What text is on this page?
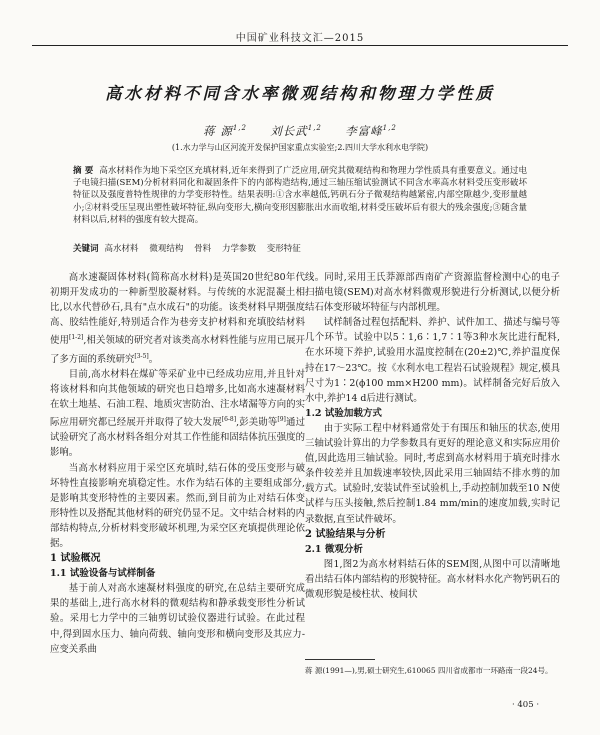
中国矿业科技文汇—2015
高水材料不同含水率微观结构和物理力学性质
蒋 源$^{1,2}$ 刘长武$^{1,2}$ 李富峰$^{1,2}$
(1.水力学与山区河流开发保护国家重点实验室;2.四川大学水利水电学院)
摘 要 高水材料作为地下采空区充填材料,近年来得到了广泛应用,研究其微观结构和物理力学性质具有重要意义。通过电子电镜扫描(SEM)分析材料同化和凝固条件下的内部构造结构,通过三轴压缩试验测试不同含水率高水材料受压变形破坏特征以及强度普特性规律的力学变形特性。结果表明:①含水率越低,钙矾石分子微观结构越紧密,内部空隙越少,变形量越小;②材料受压呈现出塑性破坏特征,纵向变形大,横向变形因膨胀出水而收缩,材料受压破坏后有很大的残余强度;③随含量材料以后,材料的强度有较大提高。
关键词 高水材料    微观结构    骨料    力学参数    变形特征

高水速凝固体材料(简称高水材料)是英国20世纪80年代初期开发成功的一种新型胶凝材料。与传统的水泥混凝土相比,以水代替砂石,具有"点水成石"的功能。该类材料早期强度高、胶结性能好,特别适合作为巷旁支护材料和充填胶结材料使用[1-2],相关领域的研究者对该类高水材料性能与应用已展开了多方面的系统研究[3-5]。

目前,高水材料在煤矿等采矿业中已经成功应用,并且针对将该材料和向其他领域的研究也日趋增多,比如高水速凝材料在软土地基、石油工程、地质灾害防治、注水堵漏等方向的实际应用研究都已经展开并取得了较大发展[6-8],彭美勋等[9]通过试验研究了高水材料各组分对其工作性能和固结体抗压强度的影响。

当高水材料应用于采空区充填时,结石体的受压变形与破坏特性直接影响充填稳定性。水作为结石体的主要组成部分,是影响其变形特性的主要因素。然而,到目前为止对结石体变形特性以及搭配其他材料的研究仍显不足。文中结合材料的内部结构特点,分析材料变形破坏机理,为采空区充填提供理论依据。

1 试验概况
1.1 试验设备与试样制备

基于前人对高水速凝材料强度的研究,在总结主要研究成果的基础上,进行高水材料的微观结构和静承载变形性分析试验。采用七力学中的三轴剪切试验仪器进行试验。在此过程中,得到固水压力、轴向荷载、轴向变形和横向变形及其应力-应变关系曲

线。同时,采用王氏莽源部西南矿产资源监督检测中心的电子扫描电镜(SEM)对高水材料微观形貌进行分析测试,以便分析结石体变形破坏特征与内部机理。

试样制备过程包括配料、养护、试件加工、描述与编号等几个环节。试验中以5∶1,6∶1,7∶1等3种水灰比进行配料,在水环境下养护,试验用水温度控制在(20±2)℃,养护温度保持在17～23℃。按《水利水电工程岩石试验规程》规定,模具尺寸为1∶2(ϕ100 mm×H200 mm)。试样制备完好后放入水中,养护14 d后进行测试。

1.2 试验加载方式

由于实际工程中材料通常处于有围压和轴压的状态,使用三轴试验计算出的力学参数具有更好的理论意义和实际应用价值,因此选用三轴试验。同时,考虑到高水材料用于填充时排水条件较差并且加载速率较快,因此采用三轴固结不排水剪的加载方式。试验时,安装试件至试验机上,手动控制加载至10 N使试样与压头接触,然后控制1.84 mm/min的速度加载,实时记录数据,直至试件破坏。

2 试验结果与分析
2.1 微观分析

图1,图2为高水材料结石体的SEM图,从图中可以清晰地看出结石体内部结构的形貌特征。高水材料水化产物钙矾石的微观形貌是棱柱状、棱间状

蒋 源(1991—),男,硕士研究生,610065 四川省成都市一环路南一段24号。
· 405 ·
